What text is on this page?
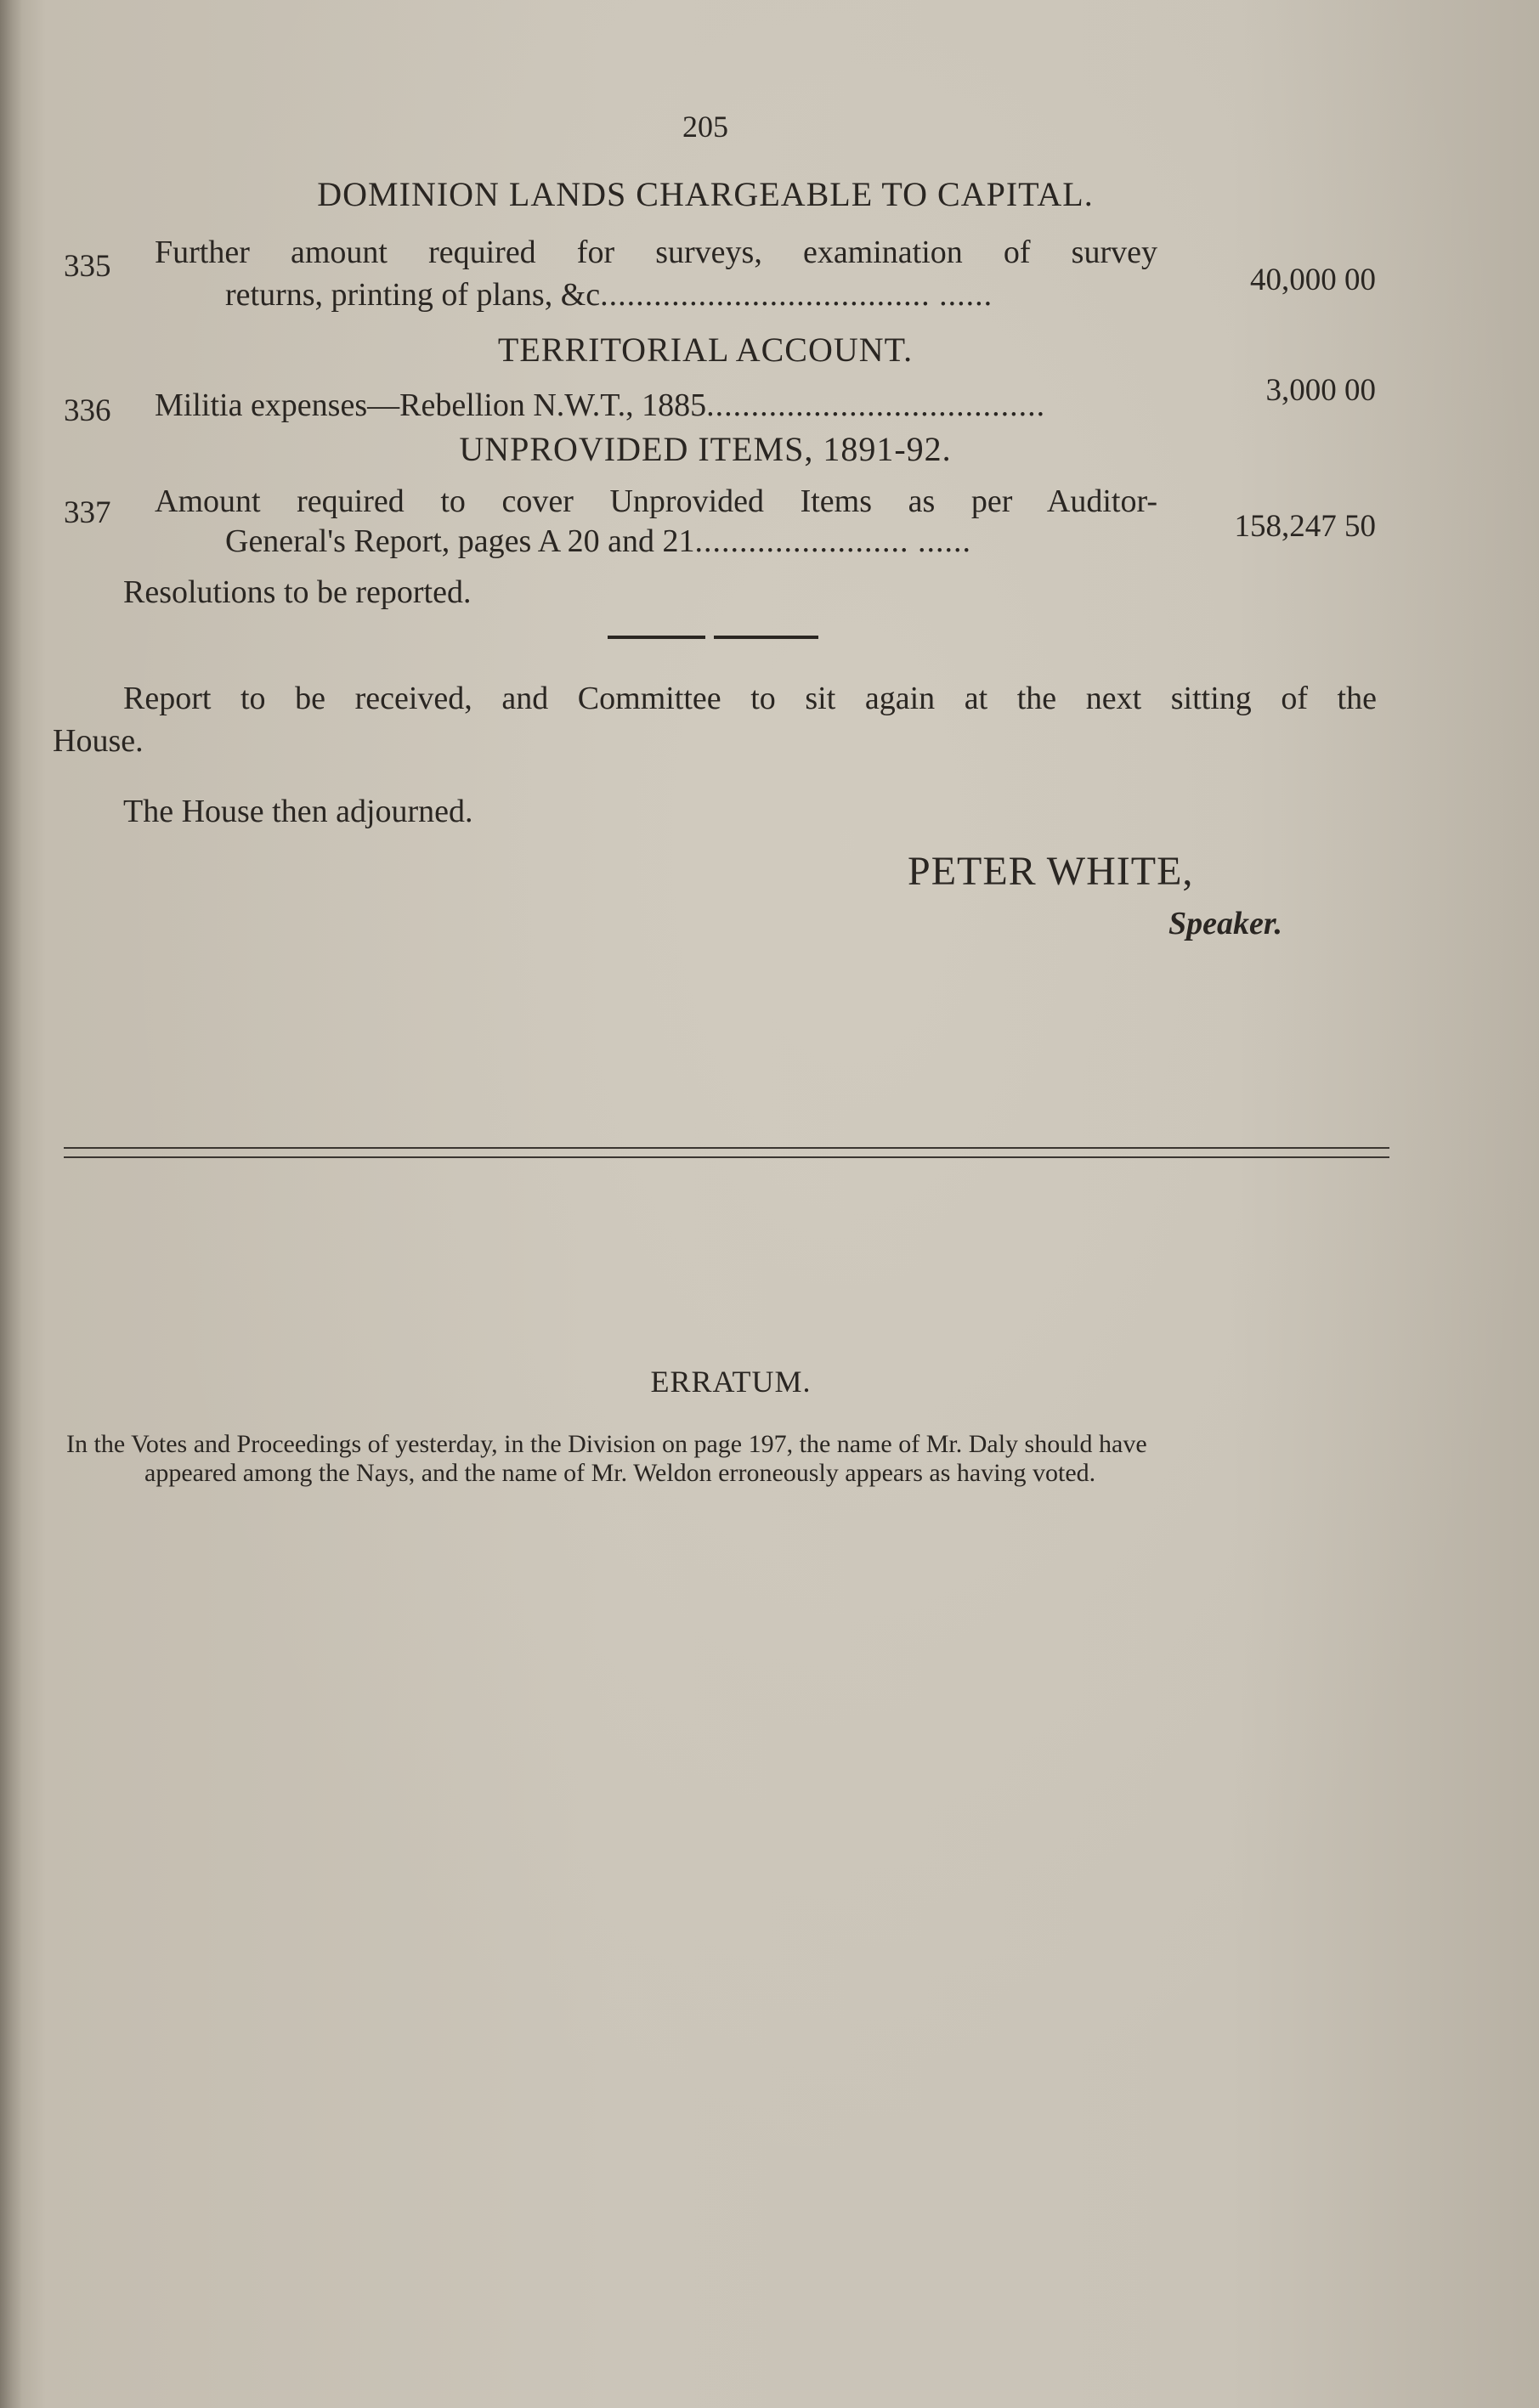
205
DOMINION LANDS CHARGEABLE TO CAPITAL.
335 Further amount required for surveys, examination of survey
returns, printing of plans, &c..................................... ......	40,000 00
TERRITORIAL ACCOUNT.
336 Militia expenses—Rebellion N.W.T., 1885......................................	3,000 00
UNPROVIDED ITEMS, 1891-92.
337 Amount required to cover Unprovided Items as per Auditor-
General's Report, pages A 20 and 21........................ ......	158,247 50
Resolutions to be reported.
Report to be received, and Committee to sit again at the next sitting of the
House.
The House then adjourned.
PETER WHITE,
Speaker.
ERRATUM.
In the Votes and Proceedings of yesterday, in the Division on page 197, the name of Mr. Daly should have
appeared among the Nays, and the name of Mr. Weldon erroneously appears as having voted.
